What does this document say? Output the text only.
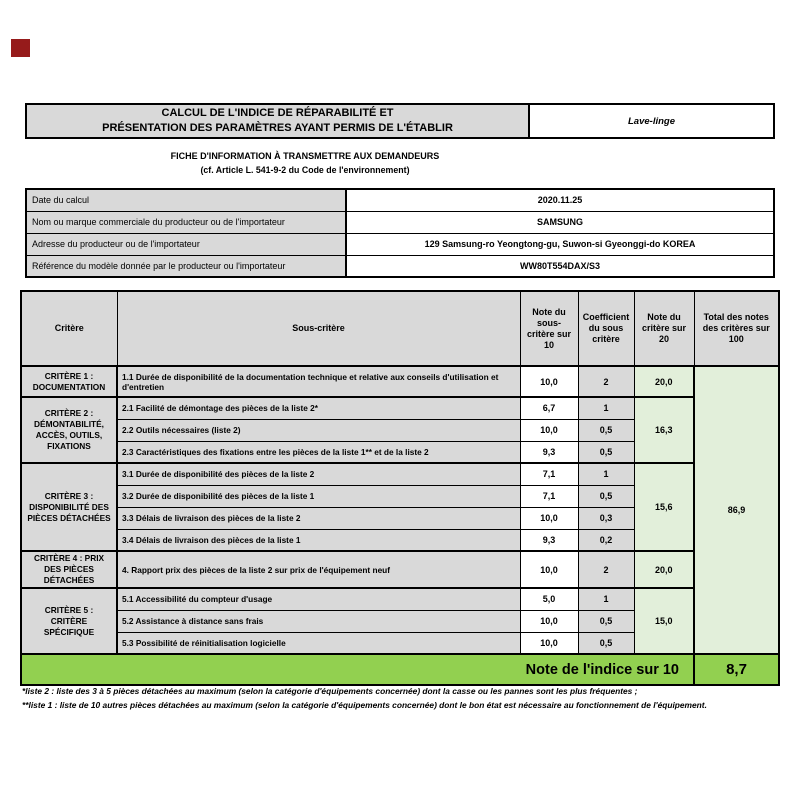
CALCUL DE L'INDICE DE RÉPARABILITÉ ET
PRÉSENTATION DES PARAMÈTRES AYANT PERMIS DE L'ÉTABLIR
Lave-linge
FICHE D'INFORMATION À TRANSMETTRE AUX DEMANDEURS
(cf. Article L. 541-9-2 du Code de l'environnement)
Date du calcul	2020.11.25
Nom ou marque commerciale du producteur ou de l'importateur	SAMSUNG
Adresse du producteur ou de l'importateur	129 Samsung-ro Yeongtong-gu, Suwon-si Gyeonggi-do KOREA
Référence du modèle donnée par le producteur ou l'importateur	WW80T554DAX/S3
Critère	Sous-critère	Note du sous-critère sur 10	Coefficient du sous critère	Note du critère sur 20	Total des notes des critères sur 100
CRITÈRE 1 : DOCUMENTATION	1.1 Durée de disponibilité de la documentation technique et relative aux conseils d'utilisation et d'entretien	10,0	2	20,0	86,9
CRITÈRE 2 : DÉMONTABILITÉ, ACCÈS, OUTILS, FIXATIONS	2.1 Facilité de démontage des pièces de la liste 2*	6,7	1	16,3	
	2.2 Outils nécessaires (liste 2)	10,0	0,5		
	2.3 Caractéristiques des fixations entre les pièces de la liste 1** et de la liste 2	9,3	0,5		
CRITÈRE 3 : DISPONIBILITÉ DES PIÈCES DÉTACHÉES	3.1 Durée de disponibilité des pièces de la liste 2	7,1	1	15,6	
	3.2 Durée de disponibilité des pièces de la liste 1	7,1	0,5		
	3.3 Délais de livraison des pièces de la liste 2	10,0	0,3		
	3.4 Délais de livraison des pièces de la liste 1	9,3	0,2		
CRITÈRE 4 : PRIX DES PIÈCES DÉTACHÉES	4. Rapport prix des pièces de la liste 2 sur prix de l'équipement neuf	10,0	2	20,0	
CRITÈRE 5 : CRITÈRE SPÉCIFIQUE	5.1 Accessibilité du compteur d'usage	5,0	1	15,0	
	5.2 Assistance à distance sans frais	10,0	0,5		
	5.3 Possibilité de réinitialisation logicielle	10,0	0,5		
Note de l'indice sur 10					8,7
*liste 2 : liste des 3 à 5 pièces détachées au maximum (selon la catégorie d'équipements concernée) dont la casse ou les pannes sont les plus fréquentes ;
**liste 1 : liste de 10 autres pièces détachées au maximum (selon la catégorie d'équipements concernée) dont le bon état est nécessaire au fonctionnement de l'équipement.
